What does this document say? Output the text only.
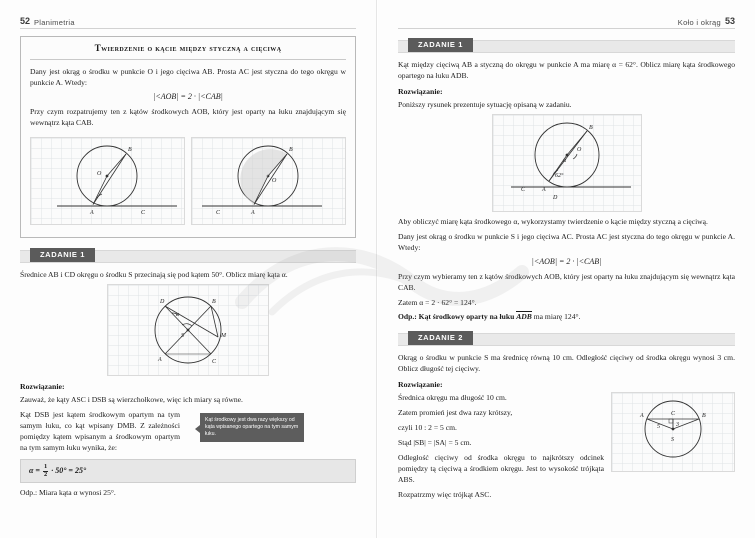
52 Planimetria
Twierdzenie o kącie między styczną a cięciwą
Dany jest okrąg o środku w punkcie O i jego cięciwa AB. Prosta AC jest styczna do tego okręgu w punkcie A. Wtedy:
|<AOB| = 2 · |<CAB|
Przy czym rozpatrujemy ten z kątów środkowych AOB, który jest oparty na łuku znajdującym się wewnątrz kąta CAB.
B
O
A	C
B
O
A
C
ZADANIE 1
Średnice AB i CD okręgu o środku S przecinają się pod kątem 50°. Oblicz miarę kąta α.
D	B
S	M
A	C
α
Rozwiązanie:
Zauważ, że kąty ASC i DSB są wierzchołkowe, więc ich miary są równe.
Kąt DSB jest kątem środkowym opartym na tym samym łuku, co kąt wpisany DMB. Z zależności pomiędzy kątem wpisanym a środkowym opartym na tym samym łuku wynika, że:
Kąt środkowy jest dwa razy większy od kąta wpisanego opartego na tym samym łuku.
$\alpha = \frac{1}{2} \cdot 50^\circ = 25^\circ$
Odp.: Miara kąta α wynosi 25°.
53
Koło i okrąg
ZADANIE 1
Kąt między cięciwą AB a styczną do okręgu w punkcie A ma miarę α = 62°. Oblicz miarę kąta środkowego opartego na łuku ADB.
Rozwiązanie:
Poniższy rysunek prezentuje sytuację opisaną w zadaniu.
B
O
α
A
C
D
62°
Aby obliczyć miarę kąta środkowego α, wykorzystamy twierdzenie o kącie między styczną a cięciwą.
Dany jest okrąg o środku w punkcie S i jego cięciwa AC. Prosta AC jest styczna do tego okręgu w punkcie A. Wtedy:
|<AOB| = 2 · |<CAB|
Przy czym wybieramy ten z kątów środkowych AOB, który jest oparty na łuku znajdującym się wewnątrz kąta CAB.
Zatem α = 2 · 62° = 124°.
Odp.: Kąt środkowy oparty na łuku ADB ma miarę 124°.
ZADANIE 2
Okrąg o środku w punkcie S ma średnicę równą 10 cm. Odległość cięciwy od środka okręgu wynosi 3 cm. Oblicz długość tej cięciwy.
Rozwiązanie:
Średnica okręgu ma długość 10 cm.
Zatem promień jest dwa razy krótszy,
czyli 10 : 2 = 5 cm.
Stąd |SB| = |SA| = 5 cm.
Odległość cięciwy od środka okręgu to najkrótszy odcinek pomiędzy tą cięciwą a środkiem okręgu. Jest to wysokość trójkąta ABS.
Rozpatrzmy więc trójkąt ASC.
A	C	B
S
5	3
